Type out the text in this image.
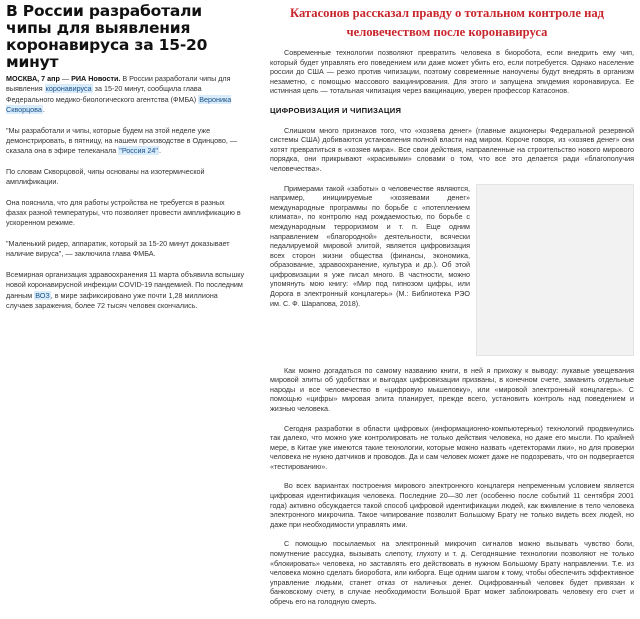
В России разработали чипы для выявления коронавируса за 15-20 минут

МОСКВА, 7 апр — РИА Новости. В России разработали чипы для выявления коронавируса за 15-20 минут, сообщила глава Федерального медико-биологического агентства (ФМБА) Вероника Скворцова.

"Мы разработали и чипы, которые будем на этой неделе уже демонстрировать, в пятницу, на нашем производстве в Одинцово, — сказала она в эфире телеканала "Россия 24".

По словам Скворцовой, чипы основаны на изотермической амплификации.

Она пояснила, что для работы устройства не требуется в разных фазах разной температуры, что позволяет провести амплификацию в ускоренном режиме.

"Маленький ридер, аппаратик, который за 15-20 минут доказывает наличие вируса", — заключила глава ФМБА.

Всемирная организация здравоохранения 11 марта объявила вспышку новой коронавирусной инфекции COVID-19 пандемией. По последним данным ВОЗ, в мире зафиксировано уже почти 1,28 миллиона случаев заражения, более 72 тысяч человек скончались.

Катасонов рассказал правду о тотальном контроле над человечеством после коронавируса

Современные технологии позволяют превратить человека в биоробота, если внедрить ему чип, который будет управлять его поведением или даже может убить его, если потребуется. Однако население россии до США — резко против чипизации, поэтому современные наноучены будут внедрять в организм незаметно, с помощью массового вакцинирования. Для этого и запущена эпидемия коронавируса. Ее истинная цель — тотальная чипизация через вакцинацию, уверен профессор Катасонов.

ЦИФРОВИЗАЦИЯ И ЧИПИЗАЦИЯ

Слишком много признаков того, что «хозяева денег» (главные акционеры Федеральной резервной системы США) добиваются установления полной власти над миром. Короче говоря, из «хозяев денег» они хотят превратиться в «хозяев мира». Все свои действия, направленные на строительство нового мирового порядка, они прикрывают «красивыми» словами о том, что все это делается ради «благополучия человечества».

Примерами такой «заботы» о человечестве являются, например, инициируемые «хозяевами денег» международные программы по борьбе с «потеплением климата», по контролю над рождаемостью, по борьбе с международным терроризмом и т. п. Еще одним направлением «благородной» деятельности, всячески педалируемой мировой элитой, является цифровизация всех сторон жизни общества (финансы, экономика, образование, здравоохранение, культура и др.). Об этой цифровизации я уже писал много. В частности, можно упомянуть мою книгу: «Мир под гипнозом цифры, или Дорога в электронный концлагерь» (М.: Библиотека РЭО им. С. Ф. Шарапова, 2018).

Как можно догадаться по самому названию книги, в ней я прихожу к выводу: лукавые увещевания мировой элиты об удобствах и выгодах цифровизации призваны, в конечном счете, заманить отдельные народы и все человечество в «цифровую мышеловку», или «мировой электронный концлагерь». С помощью «цифры» мировая элита планирует, прежде всего, установить контроль над поведением и жизнью человека.

Сегодня разработки в области цифровых (информационно-компьютерных) технологий продвинулись так далеко, что можно уже контролировать не только действия человека, но даже его мысли. По крайней мере, в Китае уже имеются такие технологии, которые можно назвать «детекторами лжи», но для проверки человека не нужно датчиков и проводов. Да и сам человек может даже не подозревать, что он подвергается «тестированию».

Во всех вариантах построения мирового электронного концлагеря непременным условием является цифровая идентификация человека. Последние 20—30 лет (особенно после событий 11 сентября 2001 года) активно обсуждается такой способ цифровой идентификации людей, как вживление в тело человека электронного микрочипа. Такое чипирование позволит Большому Брату не только видеть всех людей, но даже при необходимости управлять ими.

С помощью посылаемых на электронный микрочип сигналов можно вызывать чувство боли, помутнение рассудка, вызывать слепоту, глухоту и т. д. Сегодняшние технологии позволяют не только «блокировать» человека, но заставлять его действовать в нужном Большому Брату направлении. Т.е. из человека можно сделать биоробота, или киборга. Еще одним шагом к тому, чтобы обеспечить эффективное управление людьми, станет отказ от наличных денег. Оцифрованный человек будет привязан к банковскому счету, в случае необходимости Большой Брат может заблокировать человеку его счет и обречь его на голодную смерть.
